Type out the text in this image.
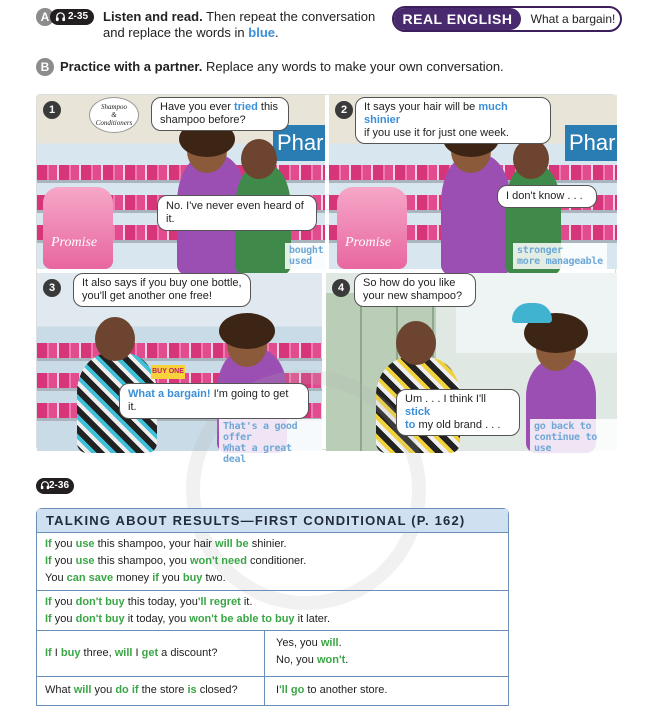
A	2-35	Listen and read. Then repeat the conversation
and replace the words in blue.
REAL ENGLISH	What a bargain!
B Practice with a partner. Replace any words to make your own conversation.
Phar
Promise
1	Shampoo
&
Conditioners
Have you ever tried this
shampoo before?
No. I've never even heard of it.
bought
used
Phar
Promise
2	It says your hair will be much shinier
if you use it for just one week.
I don't know . . .
stronger
more manageable
BUY ONE
3	It also says if you buy one bottle,
you'll get another one free!
What a bargain! I'm going to get it.
That's a good offer
What a great deal
4	So how do you like
your new shampoo?
Um . . . I think I'll stick
to my old brand . . .	go back to
continue to use
2-36
TALKING ABOUT RESULTS—FIRST CONDITIONAL (P. 162)
If you use this shampoo, your hair will be shinier.
If you use this shampoo, you won't need conditioner.
You can save money if you buy two.
If you don't buy this today, you'll regret it.
If you don't buy it today, you won't be able to buy it later.
If I buy three, will I get a discount?
Yes, you will.
No, you won't.
What will you do if the store is closed?	I'll go to another store.
